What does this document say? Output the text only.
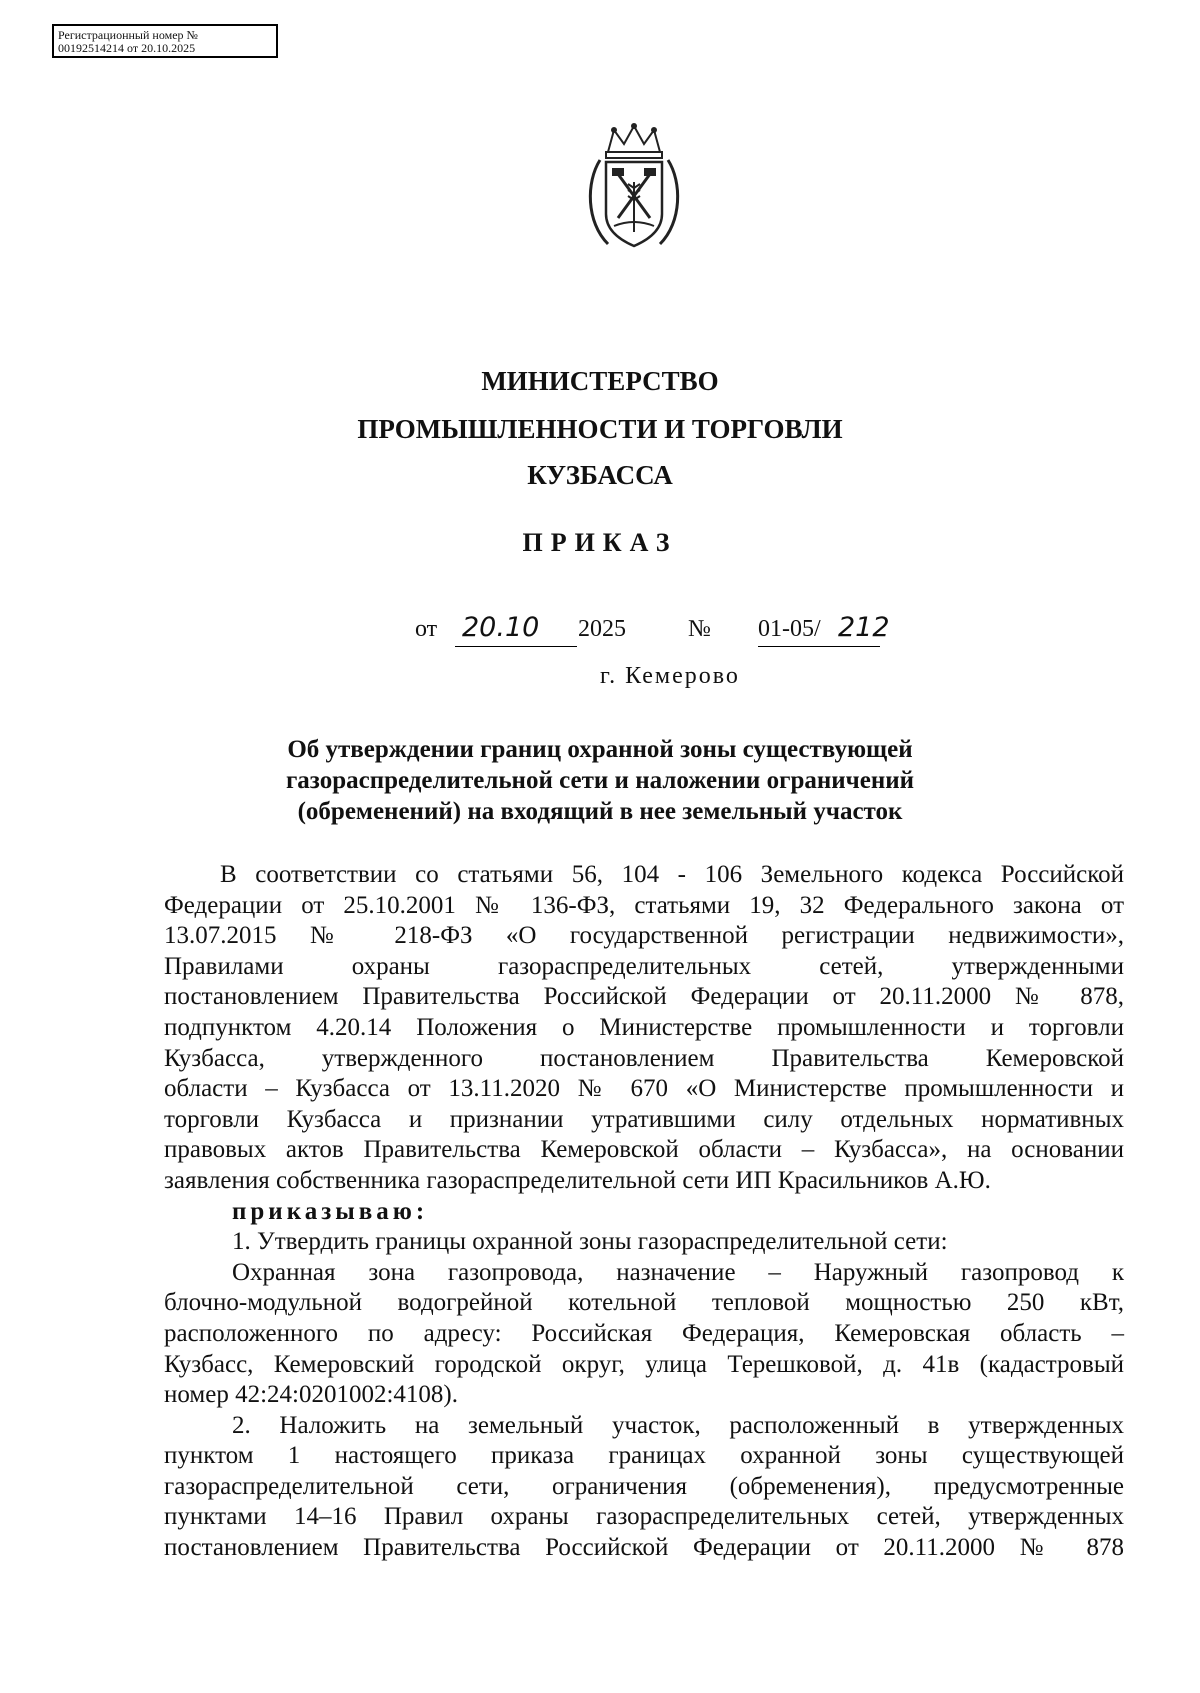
Регистрационный номер №
00192514214 от 20.10.2025
МИНИСТЕРСТВО
ПРОМЫШЛЕННОСТИ И ТОРГОВЛИ
КУЗБАССА
ПРИКАЗ
от 20.10 2025	№ 01-05/ 212
г. Кемерово
Об утверждении границ охранной зоны существующей
газораспределительной сети и наложении ограничений
(обременений) на входящий в нее земельный участок
В соответствии со статьями 56, 104 - 106 Земельного кодекса Российской
Федерации от 25.10.2001 № 136-ФЗ, статьями 19, 32 Федерального закона от
13.07.2015 № 218-ФЗ «О государственной регистрации недвижимости»,
Правилами охраны газораспределительных сетей, утвержденными
постановлением Правительства Российской Федерации от 20.11.2000 № 878,
подпунктом 4.20.14 Положения о Министерстве промышленности и торговли
Кузбасса, утвержденного постановлением Правительства Кемеровской
области – Кузбасса от 13.11.2020 № 670 «О Министерстве промышленности и
торговли Кузбасса и признании утратившими силу отдельных нормативных
правовых актов Правительства Кемеровской области – Кузбасса», на основании
заявления собственника газораспределительной сети ИП Красильников А.Ю.
приказываю:
1. Утвердить границы охранной зоны газораспределительной сети:
Охранная зона газопровода, назначение – Наружный газопровод к
блочно-модульной водогрейной котельной тепловой мощностью 250 кВт,
расположенного по адресу: Российская Федерация, Кемеровская область –
Кузбасс, Кемеровский городской округ, улица Терешковой, д. 41в (кадастровый
номер 42:24:0201002:4108).
2. Наложить на земельный участок, расположенный в утвержденных
пунктом 1 настоящего приказа границах охранной зоны существующей
газораспределительной сети, ограничения (обременения), предусмотренные
пунктами 14–16 Правил охраны газораспределительных сетей, утвержденных
постановлением Правительства Российской Федерации от 20.11.2000 № 878
